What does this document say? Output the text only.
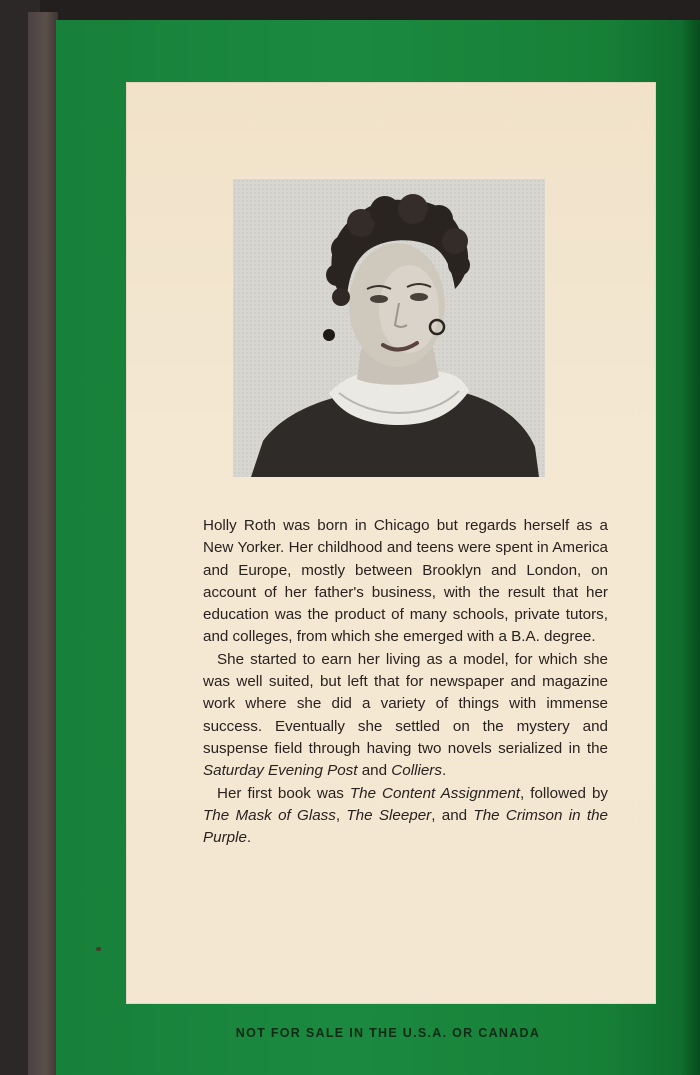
Holly Roth was born in Chicago but regards herself as a New Yorker. Her childhood and teens were spent in America and Europe, mostly between Brooklyn and London, on account of her father's business, with the result that her education was the product of many schools, private tutors, and colleges, from which she emerged with a B.A. degree.

She started to earn her living as a model, for which she was well suited, but left that for newspaper and magazine work where she did a variety of things with immense success. Eventually she settled on the mystery and suspense field through having two novels serialized in the Saturday Evening Post and Colliers.

Her first book was The Content Assignment, followed by The Mask of Glass, The Sleeper, and The Crimson in the Purple.

NOT FOR SALE IN THE U.S.A. OR CANADA
